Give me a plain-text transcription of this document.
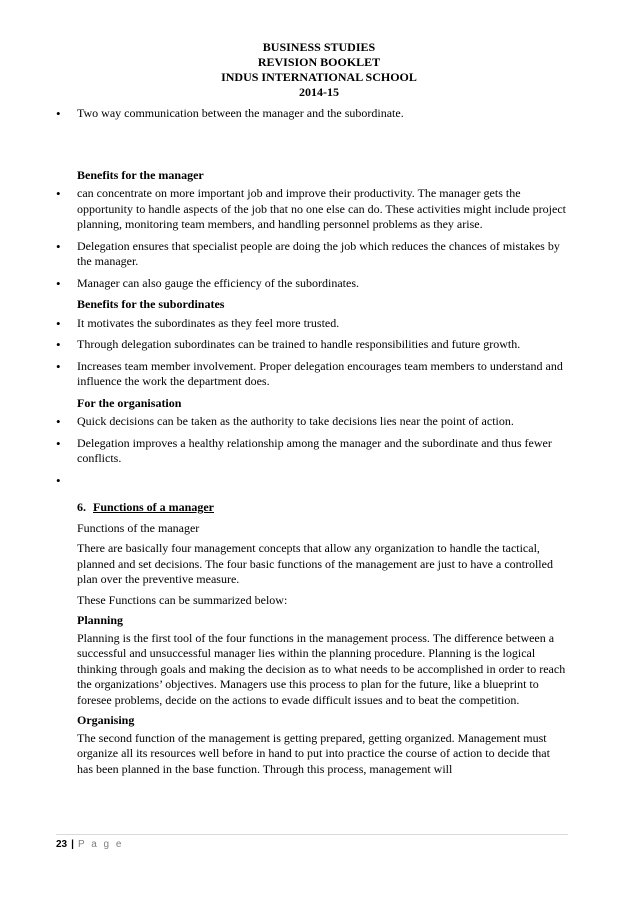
BUSINESS STUDIES
REVISION BOOKLET
INDUS INTERNATIONAL SCHOOL
2014-15
• Two way communication between the manager and the subordinate.
Benefits for the manager
• can concentrate on more important job and improve their productivity. The manager gets the opportunity to handle aspects of the job that no one else can do. These activities might include project planning, monitoring team members, and handling personnel problems as they arise.
• Delegation ensures that specialist people are doing the job which reduces the chances of mistakes by the manager.
• Manager can also gauge the efficiency of the subordinates.
Benefits for the subordinates
• It motivates the subordinates as they feel more trusted.
• Through delegation subordinates can be trained to handle responsibilities and future growth.
• Increases team member involvement. Proper delegation encourages team members to understand and influence the work the department does.
For the organisation
• Quick decisions can be taken as the authority to take decisions lies near the point of action.
• Delegation improves a healthy relationship among the manager and the subordinate and thus fewer conflicts.
•
6. Functions of a manager

Functions of the manager

There are basically four management concepts that allow any organization to handle the tactical, planned and set decisions. The four basic functions of the management are just to have a controlled plan over the preventive measure.

These Functions can be summarized below:

Planning

Planning is the first tool of the four functions in the management process. The difference between a successful and unsuccessful manager lies within the planning procedure. Planning is the logical thinking through goals and making the decision as to what needs to be accomplished in order to reach the organizations’ objectives. Managers use this process to plan for the future, like a blueprint to foresee problems, decide on the actions to evade difficult issues and to beat the competition.

Organising

The second function of the management is getting prepared, getting organized. Management must organize all its resources well before in hand to put into practice the course of action to decide that has been planned in the base function. Through this process, management will

23 | P a g e
